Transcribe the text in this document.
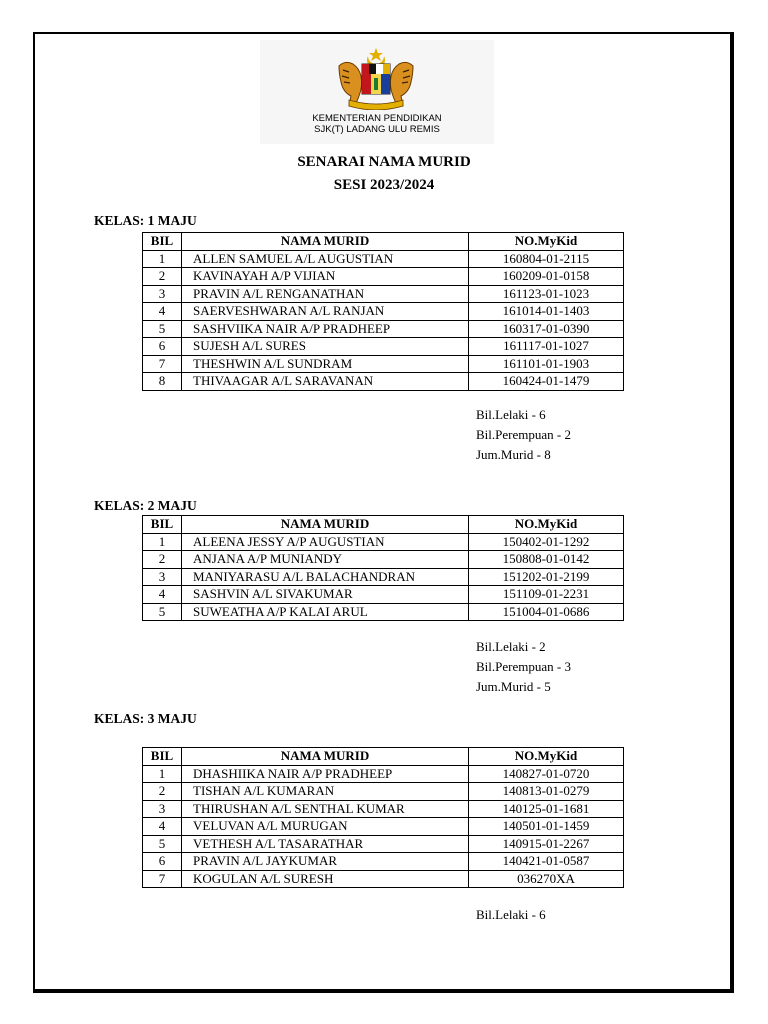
KEMENTERIAN PENDIDIKAN
SJK(T) LADANG ULU REMIS
SENARAI NAMA MURID
SESI 2023/2024
KELAS: 1 MAJU
BIL	NAMA MURID	NO.MyKid
1	ALLEN SAMUEL A/L AUGUSTIAN	160804-01-2115
2	KAVINAYAH A/P VIJIAN	160209-01-0158
3	PRAVIN A/L RENGANATHAN	161123-01-1023
4	SAERVESHWARAN A/L RANJAN	161014-01-1403
5	SASHVIIKA NAIR A/P PRADHEEP	160317-01-0390
6	SUJESH A/L SURES	161117-01-1027
7	THESHWIN A/L SUNDRAM	161101-01-1903
8	THIVAAGAR A/L SARAVANAN	160424-01-1479
Bil.Lelaki - 6
Bil.Perempuan - 2
Jum.Murid - 8
KELAS: 2 MAJU
BIL	NAMA MURID	NO.MyKid
1	ALEENA JESSY A/P AUGUSTIAN	150402-01-1292
2	ANJANA A/P MUNIANDY	150808-01-0142
3	MANIYARASU A/L BALACHANDRAN	151202-01-2199
4	SASHVIN A/L SIVAKUMAR	151109-01-2231
5	SUWEATHA A/P KALAI ARUL	151004-01-0686
Bil.Lelaki - 2
Bil.Perempuan - 3
Jum.Murid - 5
KELAS: 3 MAJU
BIL	NAMA MURID	NO.MyKid
1	DHASHIIKA NAIR A/P PRADHEEP	140827-01-0720
2	TISHAN A/L KUMARAN	140813-01-0279
3	THIRUSHAN A/L SENTHAL KUMAR	140125-01-1681
4	VELUVAN A/L MURUGAN	140501-01-1459
5	VETHESH A/L TASARATHAR	140915-01-2267
6	PRAVIN A/L JAYKUMAR	140421-01-0587
7	KOGULAN A/L SURESH	036270XA
Bil.Lelaki - 6
